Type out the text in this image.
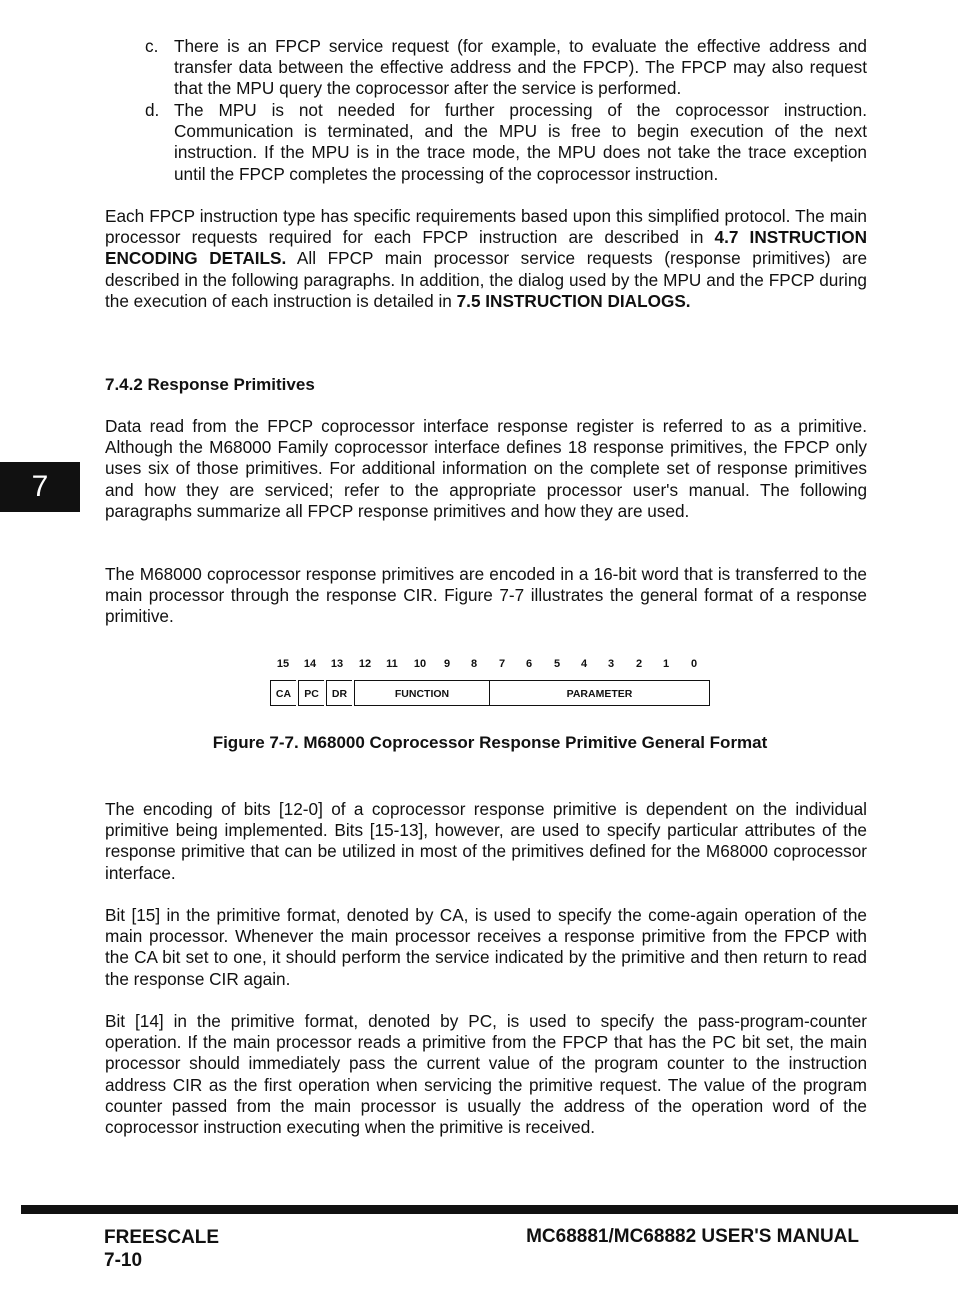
c. There is an FPCP service request (for example, to evaluate the effective address and transfer data between the effective address and the FPCP). The FPCP may also request that the MPU query the coprocessor after the service is performed.
d. The MPU is not needed for further processing of the coprocessor instruction. Communication is terminated, and the MPU is free to begin execution of the next instruction. If the MPU is in the trace mode, the MPU does not take the trace exception until the FPCP completes the processing of the coprocessor instruction.

Each FPCP instruction type has specific requirements based upon this simplified protocol. The main processor requests required for each FPCP instruction are described in 4.7 INSTRUCTION ENCODING DETAILS. All FPCP main processor service requests (response primitives) are described in the following paragraphs. In addition, the dialog used by the MPU and the FPCP during the execution of each instruction is detailed in 7.5 INSTRUCTION DIALOGS.

7.4.2 Response Primitives
7

Data read from the FPCP coprocessor interface response register is referred to as a primitive. Although the M68000 Family coprocessor interface defines 18 response primitives, the FPCP only uses six of those primitives. For additional information on the complete set of response primitives and how they are serviced; refer to the appropriate processor user's manual. The following paragraphs summarize all FPCP response primitives and how they are used.

The M68000 coprocessor response primitives are encoded in a 16-bit word that is transferred to the main processor through the response CIR. Figure 7-7 illustrates the general format of a response primitive.

15	14	13	12	11	10	9	8	7	6	5	4	3	2	1	0
CA	PC	DR	FUNCTION	PARAMETER
Figure 7-7. M68000 Coprocessor Response Primitive General Format

The encoding of bits [12-0] of a coprocessor response primitive is dependent on the individual primitive being implemented. Bits [15-13], however, are used to specify particular attributes of the response primitive that can be utilized in most of the primitives defined for the M68000 coprocessor interface.

Bit [15] in the primitive format, denoted by CA, is used to specify the come-again operation of the main processor. Whenever the main processor receives a response primitive from the FPCP with the CA bit set to one, it should perform the service indicated by the primitive and then return to read the response CIR again.

Bit [14] in the primitive format, denoted by PC, is used to specify the pass-program-counter operation. If the main processor reads a primitive from the FPCP that has the PC bit set, the main processor should immediately pass the current value of the program counter to the instruction address CIR as the first operation when servicing the primitive request. The value of the program counter passed from the main processor is usually the address of the operation word of the coprocessor instruction executing when the primitive is received.

FREESCALE
7-10
MC68881/MC68882 USER'S MANUAL
